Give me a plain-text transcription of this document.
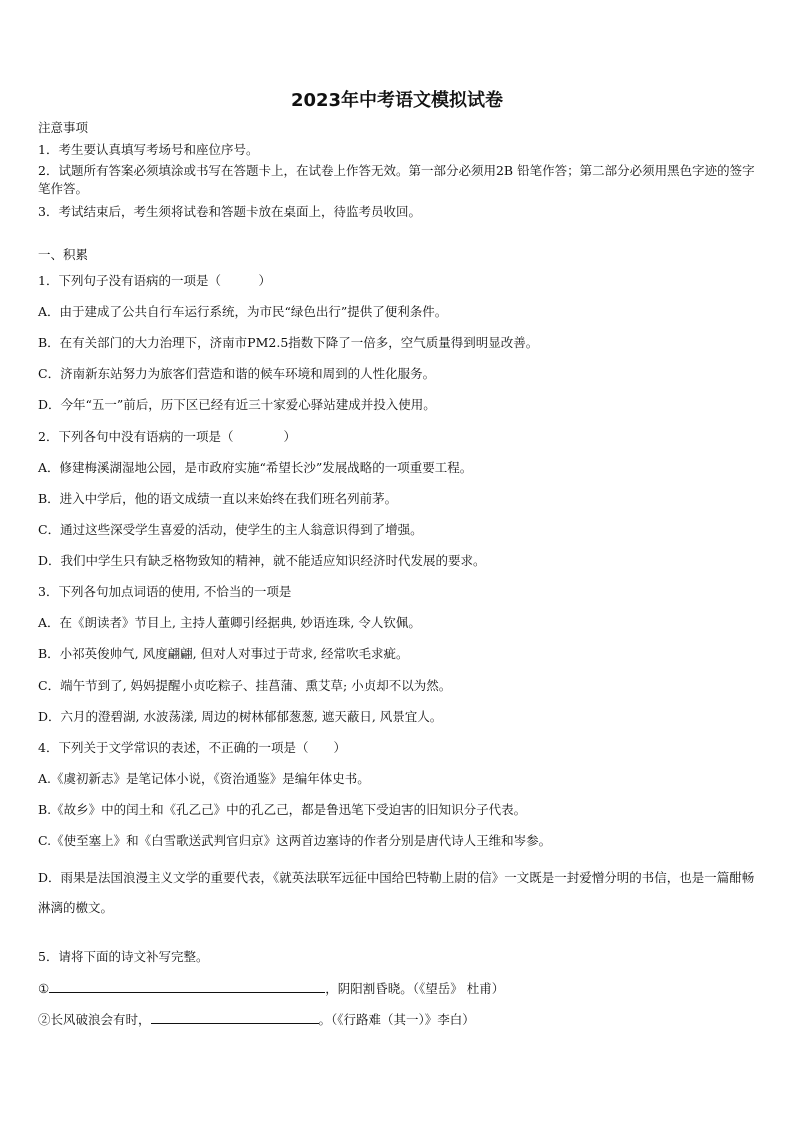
2023年中考语文模拟试卷
注意事项
1．考生要认真填写考场号和座位序号。
2．试题所有答案必须填涂或书写在答题卡上，在试卷上作答无效。第一部分必须用2B 铅笔作答；第二部分必须用黑色字迹的签字笔作答。
3．考试结束后，考生须将试卷和答题卡放在桌面上，待监考员收回。
一、积累
1．下列句子没有语病的一项是（　　　）
A．由于建成了公共自行车运行系统，为市民“绿色出行”提供了便利条件。
B．在有关部门的大力治理下，济南市PM2.5指数下降了一倍多，空气质量得到明显改善。
C．济南新东站努力为旅客们营造和谐的候车环境和周到的人性化服务。
D．今年“五一”前后，历下区已经有近三十家爱心驿站建成并投入使用。
2．下列各句中没有语病的一项是（　　　　）
A．修建梅溪湖湿地公园，是市政府实施“希望长沙”发展战略的一项重要工程。
B．进入中学后，他的语文成绩一直以来始终在我们班名列前茅。
C．通过这些深受学生喜爱的活动，使学生的主人翁意识得到了增强。
D．我们中学生只有缺乏格物致知的精神，就不能适应知识经济时代发展的要求。
3．下列各句加点词语的使用, 不恰当的一项是
A．在《朗读者》节目上, 主持人董卿引经据典, 妙语连珠, 令人钦佩。
B．小祁英俊帅气, 风度翩翩, 但对人对事过于苛求, 经常吹毛求疵。
C．端午节到了, 妈妈提醒小贞吃粽子、挂菖蒲、熏艾草; 小贞却不以为然。
D．六月的澄碧湖, 水波荡漾, 周边的树林郁郁葱葱, 遮天蔽日, 风景宜人。
4．下列关于文学常识的表述，不正确的一项是（　　）
A.《虞初新志》是笔记体小说，《资治通鉴》是编年体史书。
B.《故乡》中的闰土和《孔乙己》中的孔乙己，都是鲁迅笔下受迫害的旧知识分子代表。
C.《使至塞上》和《白雪歌送武判官归京》这两首边塞诗的作者分别是唐代诗人王维和岑参。
D．雨果是法国浪漫主义文学的重要代表，《就英法联军远征中国给巴特勒上尉的信》一文既是一封爱憎分明的书信，也是一篇酣畅淋漓的檄文。
5．请将下面的诗文补写完整。
①	，阴阳割昏晓。（《望岳》 杜甫）
②长风破浪会有时，	。（《行路难（其一）》李白）
